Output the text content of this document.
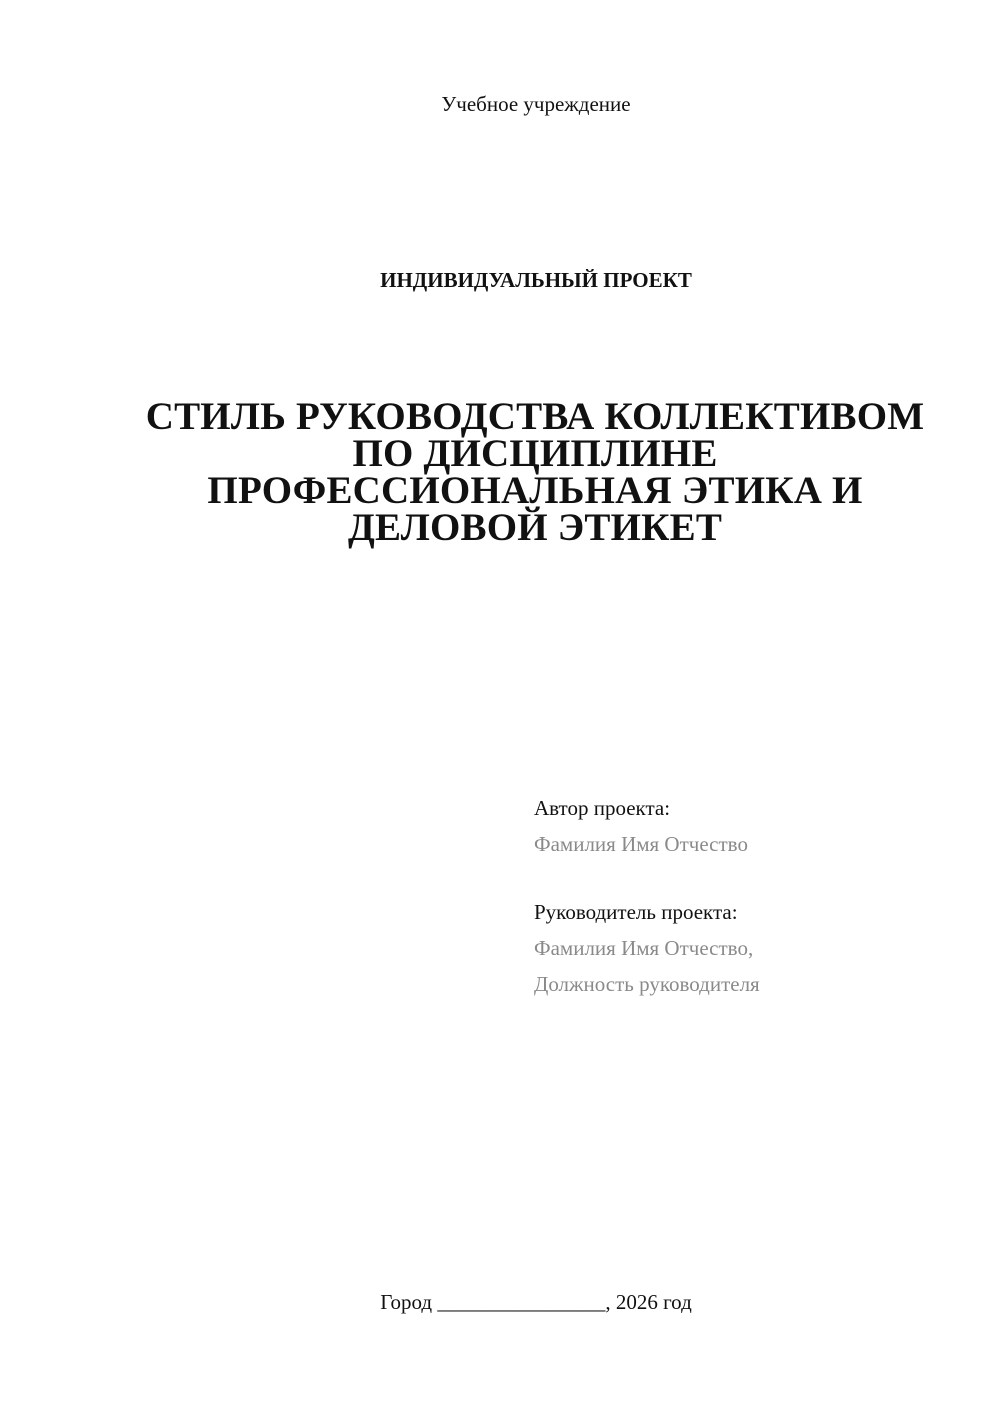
Учебное учреждение
ИНДИВИДУАЛЬНЫЙ ПРОЕКТ
СТИЛЬ РУКОВОДСТВА КОЛЛЕКТИВОМ
ПО ДИСЦИПЛИНЕ
ПРОФЕССИОНАЛЬНАЯ ЭТИКА И
ДЕЛОВОЙ ЭТИКЕТ
Автор проекта:
Фамилия Имя Отчество
Руководитель проекта:
Фамилия Имя Отчество,
Должность руководителя
Город ________________, 2026 год
